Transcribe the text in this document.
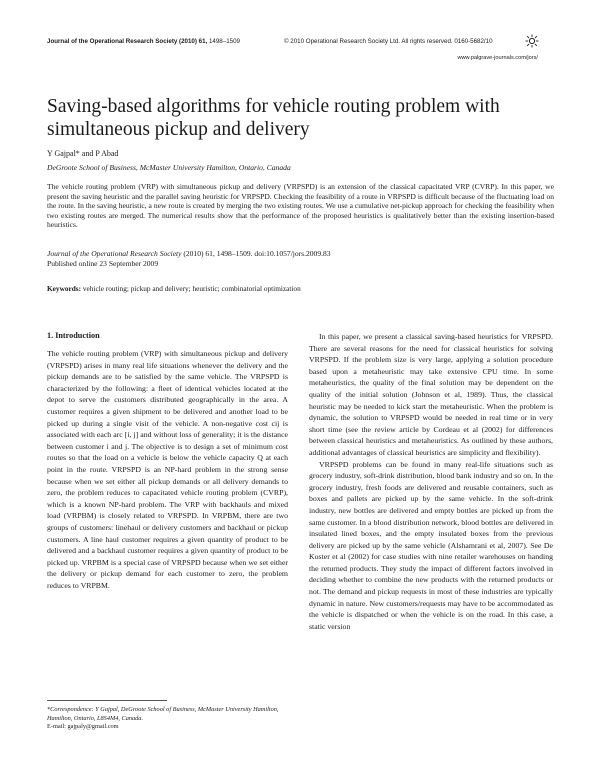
Journal of the Operational Research Society (2010) 61, 1498–1509	© 2010 Operational Research Society Ltd. All rights reserved. 0160-5682/10
www.palgrave-journals.com/jors/
Saving-based algorithms for vehicle routing problem with simultaneous pickup and delivery
Y Gajpal* and P Abad
DeGroote School of Business, McMaster University Hamilton, Ontario, Canada
The vehicle routing problem (VRP) with simultaneous pickup and delivery (VRPSPD) is an extension of the classical capacitated VRP (CVRP). In this paper, we present the saving heuristic and the parallel saving heuristic for VRPSPD. Checking the feasibility of a route in VRPSPD is difficult because of the fluctuating load on the route. In the saving heuristic, a new route is created by merging the two existing routes. We use a cumulative net-pickup approach for checking the feasibility when two existing routes are merged. The numerical results show that the performance of the proposed heuristics is qualitatively better than the existing insertion-based heuristics.
Journal of the Operational Research Society (2010) 61, 1498–1509. doi:10.1057/jors.2009.83
Published online 23 September 2009
Keywords: vehicle routing; pickup and delivery; heuristic; combinatorial optimization

1. Introduction

The vehicle routing problem (VRP) with simultaneous pickup and delivery (VRPSPD) arises in many real life situations whenever the delivery and the pickup demands are to be satisfied by the same vehicle. The VRPSPD is characterized by the following: a fleet of identical vehicles located at the depot to serve the customers distributed geographically in the area. A customer requires a given shipment to be delivered and another load to be picked up during a single visit of the vehicle. A non-negative cost cij is associated with each arc [i, j] and without loss of generality; it is the distance between customer i and j. The objective is to design a set of minimum cost routes so that the load on a vehicle is below the vehicle capacity Q at each point in the route. VRPSPD is an NP-hard problem in the strong sense because when we set either all pickup demands or all delivery demands to zero, the problem reduces to capacitated vehicle routing problem (CVRP), which is a known NP-hard problem. The VRP with backhauls and mixed load (VRPBM) is closely related to VRPSPD. In VRPBM, there are two groups of customers: linehaul or delivery customers and backhaul or pickup customers. A line haul customer requires a given quantity of product to be delivered and a backhaul customer requires a given quantity of product to be picked up. VRPBM is a special case of VRPSPD because when we set either the delivery or pickup demand for each customer to zero, the problem reduces to VRPBM.

In this paper, we present a classical saving-based heuristics for VRPSPD. There are several reasons for the need for classical heuristics for solving VRPSPD. If the problem size is very large, applying a solution procedure based upon a metaheuristic may take extensive CPU time. In some metaheuristics, the quality of the final solution may be dependent on the quality of the initial solution (Johnson et al, 1989). Thus, the classical heuristic may be needed to kick start the metaheuristic. When the problem is dynamic, the solution to VRPSPD would be needed in real time or in very short time (see the review article by Cordeau et al (2002) for differences between classical heuristics and metaheuristics. As outlined by these authors, additional advantages of classical heuristics are simplicity and flexibility).

VRPSPD problems can be found in many real-life situations such as grocery industry, soft-drink distribution, blood bank industry and so on. In the grocery industry, fresh foods are delivered and reusable containers, such as boxes and pallets are picked up by the same vehicle. In the soft-drink industry, new bottles are delivered and empty bottles are picked up from the same customer. In a blood distribution network, blood bottles are delivered in insulated lined boxes, and the empty insulated boxes from the previous delivery are picked up by the same vehicle (Alshamrani et al, 2007). See De Koster et al (2002) for case studies with nine retailer warehouses on handing the returned products. They study the impact of different factors involved in deciding whether to combine the new products with the returned products or not. The demand and pickup requests in most of these industries are typically dynamic in nature. New customers/requests may have to be accommodated as the vehicle is dispatched or when the vehicle is on the road. In this case, a static version

*Correspondence: Y Gajpal, DeGroote School of Business, McMaster University Hamilton, Hamilton, Ontario, L8S4M4, Canada.
E-mail: gajpaly@gmail.com
